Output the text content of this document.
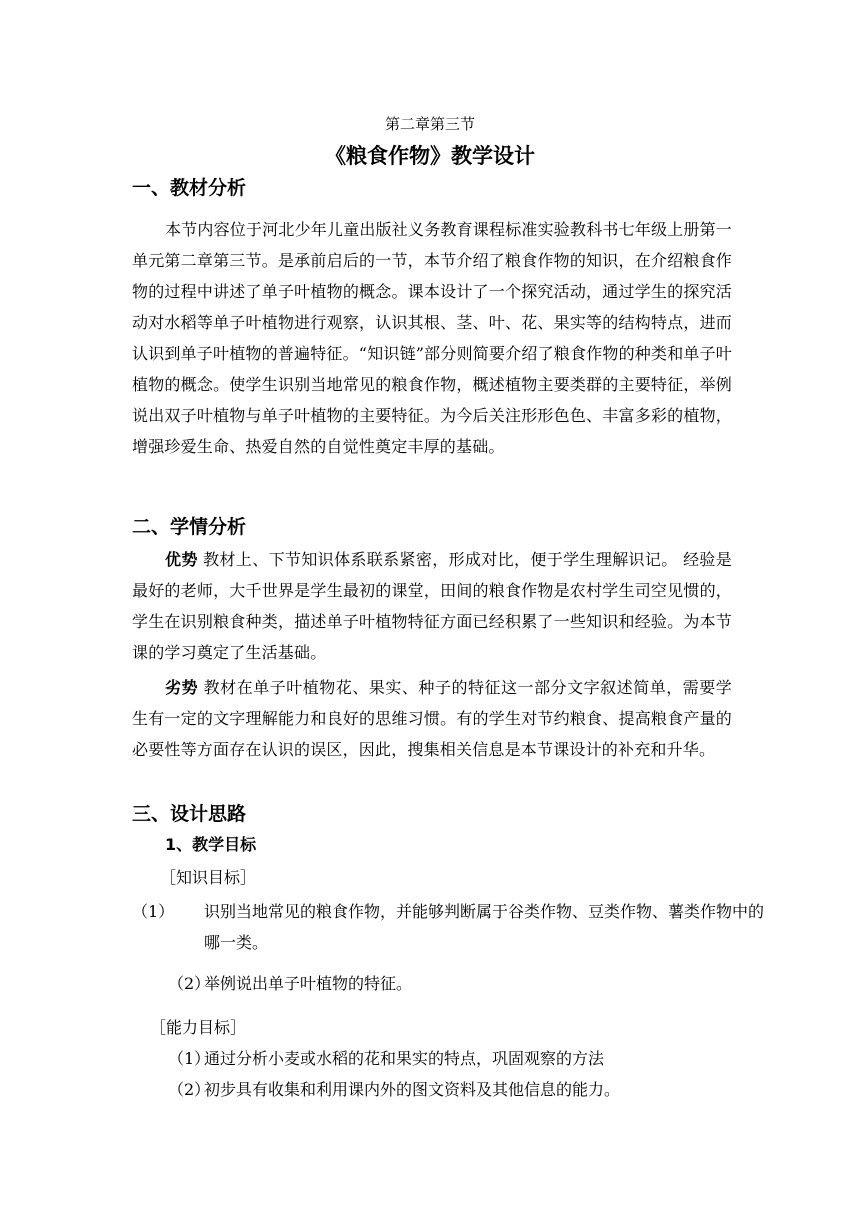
第二章第三节
《粮食作物》教学设计
一、教材分析
本节内容位于河北少年儿童出版社义务教育课程标准实验教科书七年级上册第一单元第二章第三节。是承前启后的一节，本节介绍了粮食作物的知识，在介绍粮食作物的过程中讲述了单子叶植物的概念。课本设计了一个探究活动，通过学生的探究活动对水稻等单子叶植物进行观察，认识其根、茎、叶、花、果实等的结构特点，进而认识到单子叶植物的普遍特征。“知识链”部分则简要介绍了粮食作物的种类和单子叶植物的概念。使学生识别当地常见的粮食作物，概述植物主要类群的主要特征，举例说出双子叶植物与单子叶植物的主要特征。为今后关注形形色色、丰富多彩的植物，增强珍爱生命、热爱自然的自觉性奠定丰厚的基础。
二、学情分析
优势 教材上、下节知识体系联系紧密，形成对比，便于学生理解识记。 经验是最好的老师，大千世界是学生最初的课堂，田间的粮食作物是农村学生司空见惯的，学生在识别粮食种类，描述单子叶植物特征方面已经积累了一些知识和经验。为本节课的学习奠定了生活基础。
劣势 教材在单子叶植物花、果实、种子的特征这一部分文字叙述简单，需要学生有一定的文字理解能力和良好的思维习惯。有的学生对节约粮食、提高粮食产量的必要性等方面存在认识的误区，因此，搜集相关信息是本节课设计的补充和升华。
三、设计思路
1、教学目标
［知识目标］
（1） 识别当地常见的粮食作物，并能够判断属于谷类作物、豆类作物、薯类作物中的哪一类。
（2）举例说出单子叶植物的特征。
［能力目标］
（1）通过分析小麦或水稻的花和果实的特点，巩固观察的方法
（2）初步具有收集和利用课内外的图文资料及其他信息的能力。
